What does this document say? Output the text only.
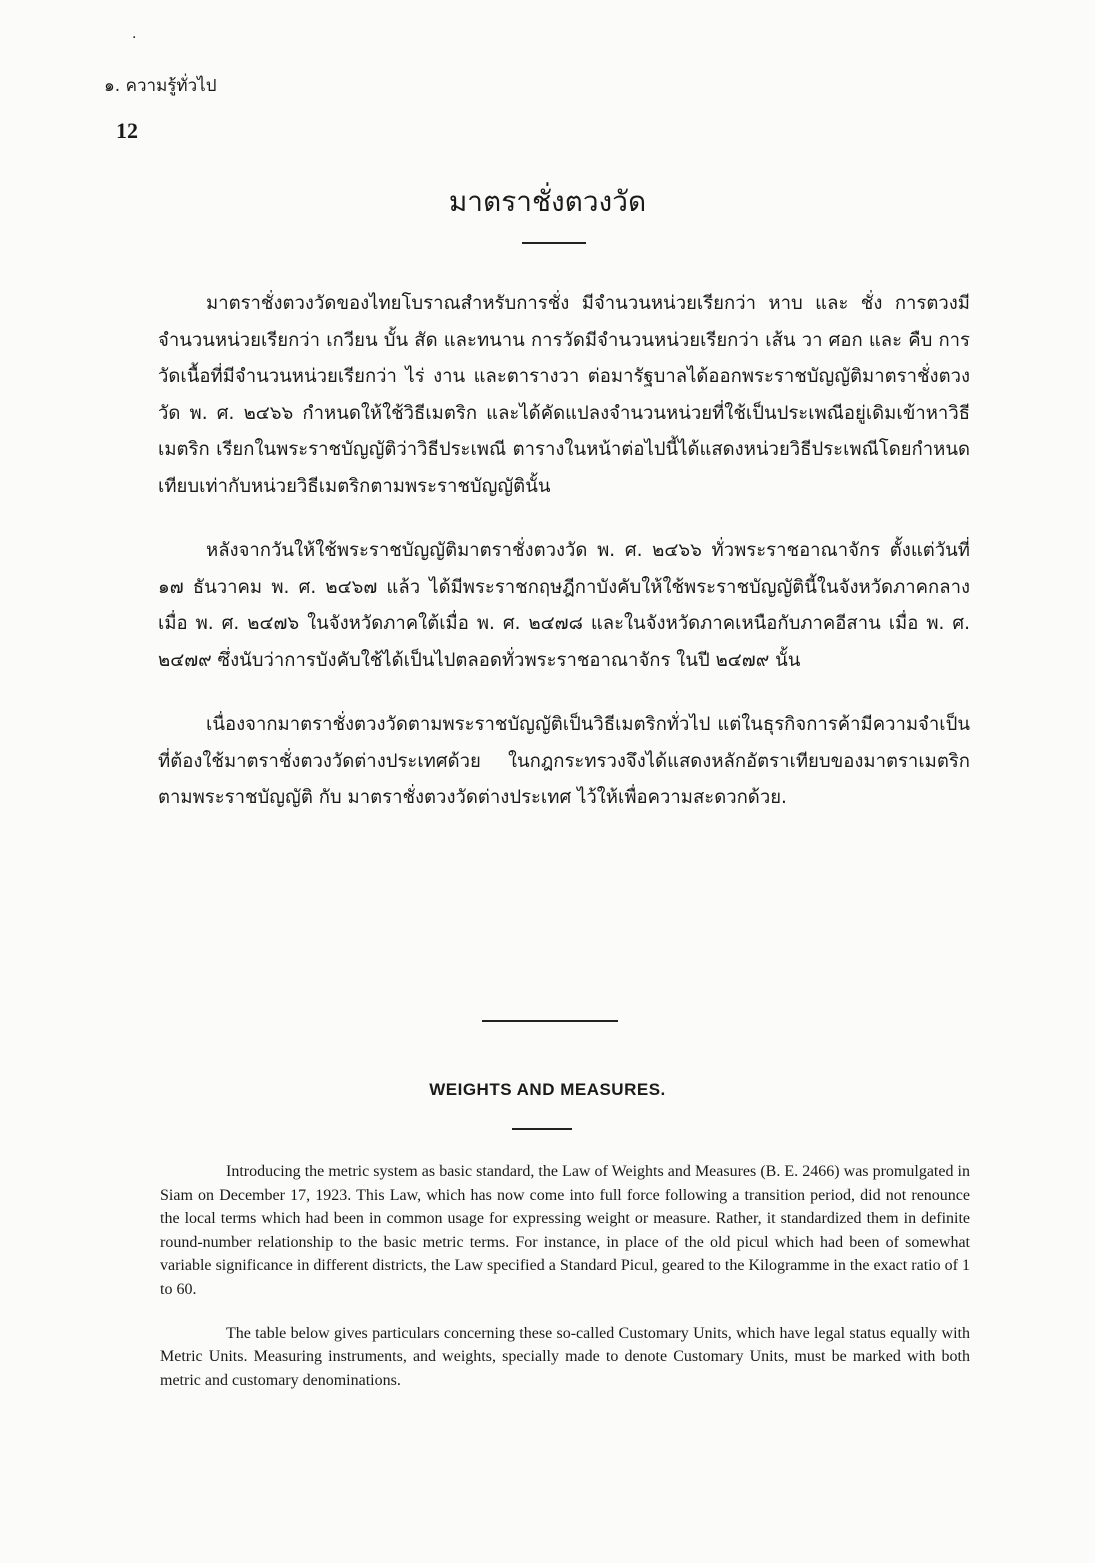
·
๑. ความรู้ทั่วไป
12
มาตราชั่งตวงวัด

มาตราชั่งตวงวัดของไทยโบราณสำหรับการชั่ง มีจำนวนหน่วยเรียกว่า หาบ และ ชั่ง การตวงมีจำนวนหน่วยเรียกว่า เกวียน บั้น สัด และทนาน การวัดมีจำนวนหน่วยเรียกว่า เส้น วา ศอก และ คืบ การวัดเนื้อที่มีจำนวนหน่วยเรียกว่า ไร่ งาน และตารางวา ต่อมารัฐบาลได้ออกพระราชบัญญัติมาตราชั่งตวงวัด พ. ศ. ๒๔๖๖ กำหนดให้ใช้วิธีเมตริก และได้คัดแปลงจำนวนหน่วยที่ใช้เป็นประเพณีอยู่เดิมเข้าหาวิธีเมตริก เรียกในพระราชบัญญัติว่าวิธีประเพณี ตารางในหน้าต่อไปนี้ได้แสดงหน่วยวิธีประเพณีโดยกำหนดเทียบเท่ากับหน่วยวิธีเมตริกตามพระราชบัญญัตินั้น

หลังจากวันให้ใช้พระราชบัญญัติมาตราชั่งตวงวัด พ. ศ. ๒๔๖๖ ทั่วพระราชอาณาจักร ตั้งแต่วันที่ ๑๗ ธันวาคม พ. ศ. ๒๔๖๗ แล้ว ได้มีพระราชกฤษฎีกาบังคับให้ใช้พระราชบัญญัตินี้ในจังหวัดภาคกลาง เมื่อ พ. ศ. ๒๔๗๖ ในจังหวัดภาคใต้เมื่อ พ. ศ. ๒๔๗๘ และในจังหวัดภาคเหนือกับภาคอีสาน เมื่อ พ. ศ. ๒๔๗๙ ซึ่งนับว่าการบังคับใช้ได้เป็นไปตลอดทั่วพระราชอาณาจักร ในปี ๒๔๗๙ นั้น

เนื่องจากมาตราชั่งตวงวัดตามพระราชบัญญัติเป็นวิธีเมตริกทั่วไป แต่ในธุรกิจการค้ามีความจำเป็นที่ต้องใช้มาตราชั่งตวงวัดต่างประเทศด้วย ในกฎกระทรวงจึงได้แสดงหลักอัตราเทียบของมาตราเมตริกตามพระราชบัญญัติ กับ มาตราชั่งตวงวัดต่างประเทศ ไว้ให้เพื่อความสะดวกด้วย.

WEIGHTS AND MEASURES.

Introducing the metric system as basic standard, the Law of Weights and Measures (B. E. 2466) was promulgated in Siam on December 17, 1923. This Law, which has now come into full force following a transition period, did not renounce the local terms which had been in common usage for expressing weight or measure. Rather, it standardized them in definite round-number relationship to the basic metric terms. For instance, in place of the old picul which had been of somewhat variable significance in different districts, the Law specified a Standard Picul, geared to the Kilogramme in the exact ratio of 1 to 60.

The table below gives particulars concerning these so-called Customary Units, which have legal status equally with Metric Units. Measuring instruments, and weights, specially made to denote Customary Units, must be marked with both metric and customary denominations.
